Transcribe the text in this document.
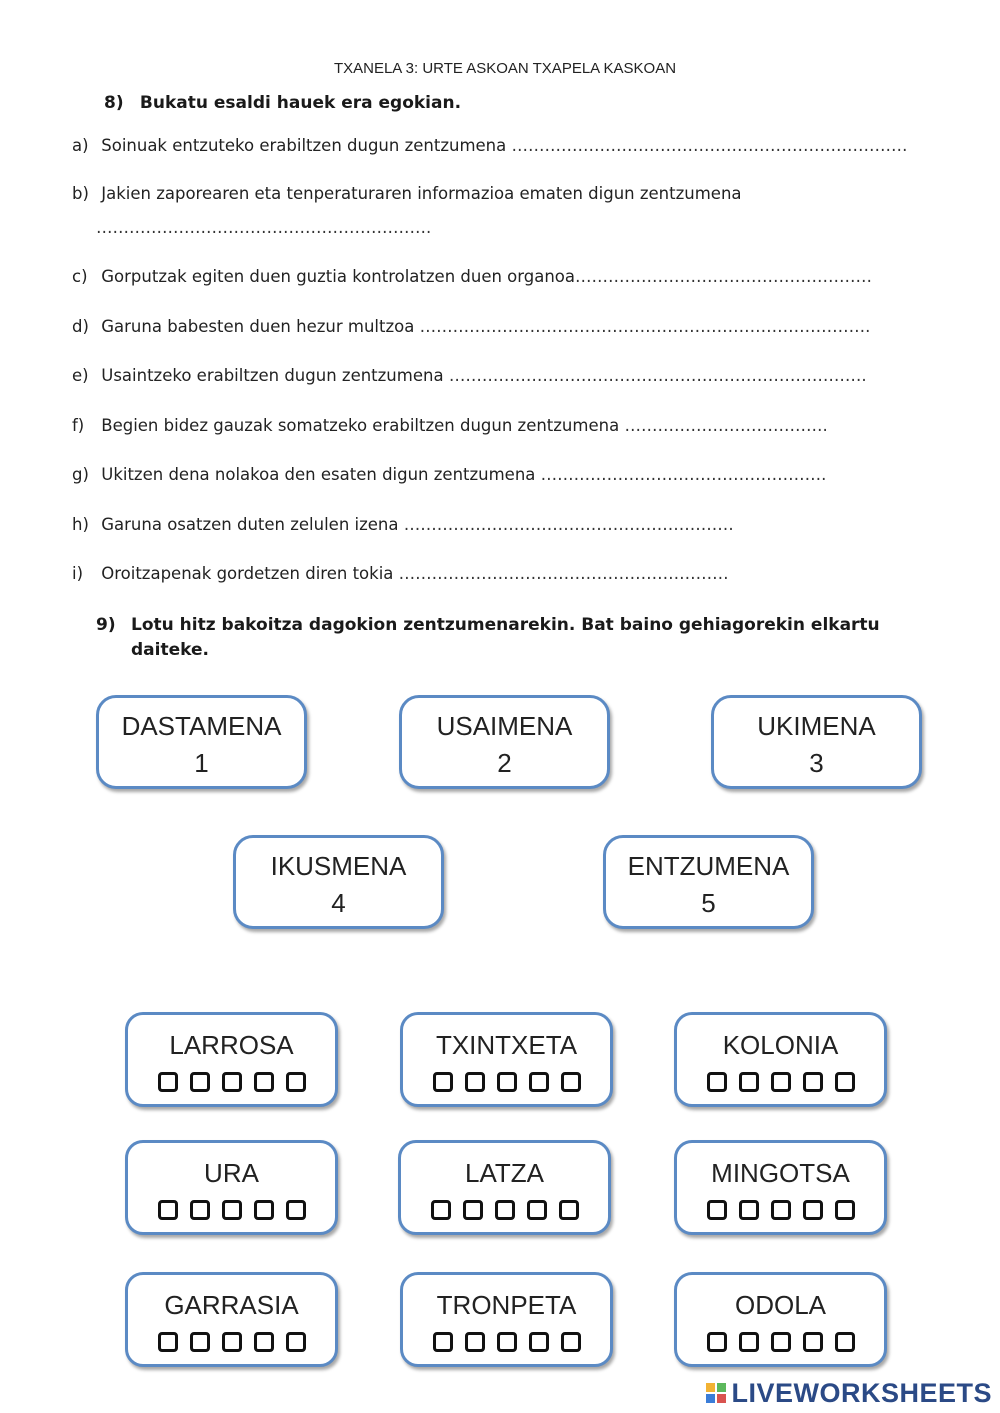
TXANELA 3: URTE ASKOAN TXAPELA KASKOAN
8) Bukatu esaldi hauek era egokian.
a) Soinuak entzuteko erabiltzen dugun zentzumena ………………………………………………………………
b) Jakien zaporearen eta tenperaturaren informazioa ematen digun zentzumena
…………………………………………………….
c) Gorputzak egiten duen guztia kontrolatzen duen organoa………………………………………………
d) Garuna babesten duen hezur multzoa ……………………………………………………………………….
e) Usaintzeko erabiltzen dugun zentzumena ………………………………………………………………….
f) Begien bidez gauzak somatzeko erabiltzen dugun zentzumena ……………………………….
g) Ukitzen dena nolakoa den esaten digun zentzumena …………………………………………….
h) Garuna osatzen duten zelulen izena ……………………………………………………
i) Oroitzapenak gordetzen diren tokia ……………………………………………………
9) Lotu hitz bakoitza dagokion zentzumenarekin. Bat baino gehiagorekin elkartu daiteke.
DASTAMENA
1
USAIMENA
2
UKIMENA
3
IKUSMENA
4
ENTZUMENA
5
LARROSA	TXINTXETA	KOLONIA
URA	LATZA	MINGOTSA
GARRASIA	TRONPETA	ODOLA
LIVEWORKSHEETS
